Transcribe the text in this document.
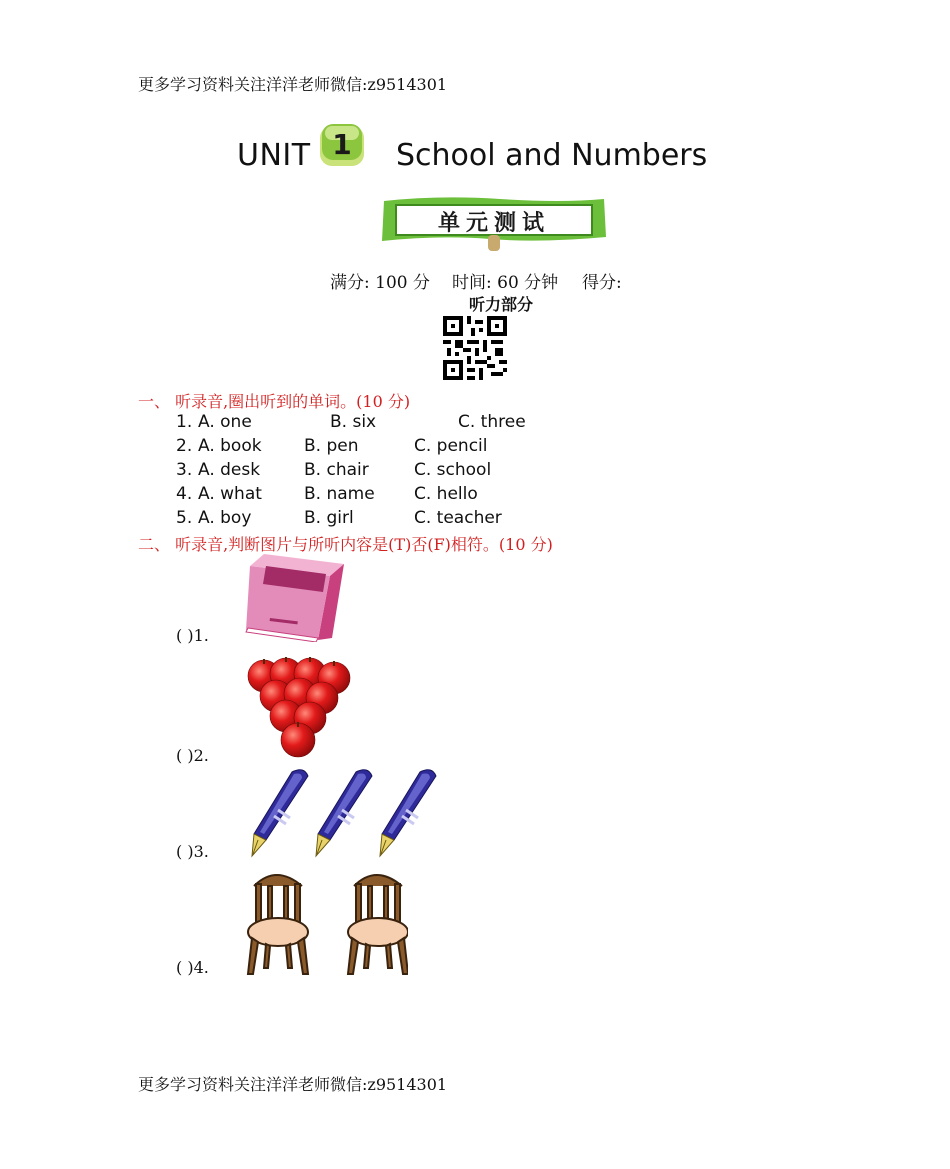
更多学习资料关注洋洋老师微信:z9514301
UNIT 1 School and Numbers
单元测试
满分: 100 分 时间: 60 分钟 得分:
听力部分
一、 听录音,圈出听到的单词。(10 分)
1. A. one	B. six	C. three
2. A. book B. pen	C. pencil
3. A. desk	B. chair	C. school
4. A. what B. name C. hello
5. A. boy	B. girl	C. teacher
二、 听录音,判断图片与所听内容是(T)否(F)相符。(10 分)
( )1.
( )2.
( )3.
( )4.
更多学习资料关注洋洋老师微信:z9514301
